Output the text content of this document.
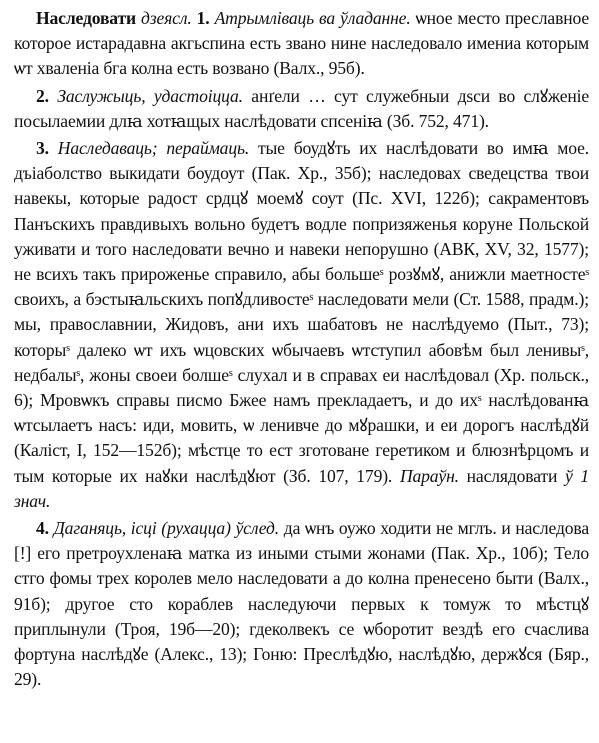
Наследовати дзеясл. 1. Атрымліваць ва ўладанне. ѡное место преславное которое истарадавна акгьспина есть звано нине наследовало имениа которым ѡт хваленіа бга колна есть возвано (Валх., 95б).

2. Заслужыць, удастоіцца. анґели … сут служебныи дѕси во слꙋженіе посылаемии длꙗ хотꙗщых наслѣдовати спсеніꙗ (Зб. 752, 471).

3. Наследаваць; пераймаць. тые боудꙋть их наслѣдовати во имꙗ мое. дъіаболство выкидати боудоут (Пак. Хр., 35б); наследовах сведецства твои навекы, которые радост срдцꙋ моемꙋ соут (Пс. XVI, 122б); сакраментовъ Панъскихъ правдивыхъ вольно будетъ водле попризяженья коруне Польской уживати и того наследовати вечно и навеки непорушно (АВК, XV, 32, 1577); не всихъ такъ прироженье справило, абы большеˢ розꙋмꙋ, анижли маетностеˢ своихъ, а бэстыꙗльскихъ попꙋдливостеˢ наследовати мели (Ст. 1588, прадм.); мы, православнии, Жидовъ, ани ихъ шабатовъ не наслѣдуемо (Пыт., 73); которыˢ далеко ѡт ихъ ѡцовских ѡбычаевъ ѡтступил абовѣм был ленивыˢ, недбалыˢ, жоны своеи болшеˢ слухал и в справах еи наслѣдовал (Хр. польск., 6); Мровѡкъ справы писмо Бжее намъ прекладаетъ, и до ихˢ наслѣдованꙗ ѡтсылаетъ насъ: иди, мовить, ѡ ленивче до мꙋрашки, и еи дорогъ наслѣдꙋй (Каліст, I, 152—152б); мѣстце то ест зготоване геретиком и блюзнѣрцомъ и тым которые их наꙋки наслѣдꙋют (Зб. 107, 179). Параўн. наслядовати ў 1 знач.

4. Даганяць, ісці (рухацца) ўслед. да ѡнъ оужо ходити не мглъ. и наследова [!] его претроухленаꙗ матка из иными стыми жонами (Пак. Хр., 10б); Тело стго фомы трех королев мело наследовати а до колна пренесено быти (Валх., 91б); другое сто кораблев наследуючи первых к томуж то мѣстцꙋ приплынули (Троя, 19б—20); гдеколвекъ се ѡборотит вездѣ его счаслива фортуна наслѣдꙋе (Алекс., 13); Гоню: Преслѣдꙋю, наслѣдꙋю, держꙋся (Бяр., 29).
